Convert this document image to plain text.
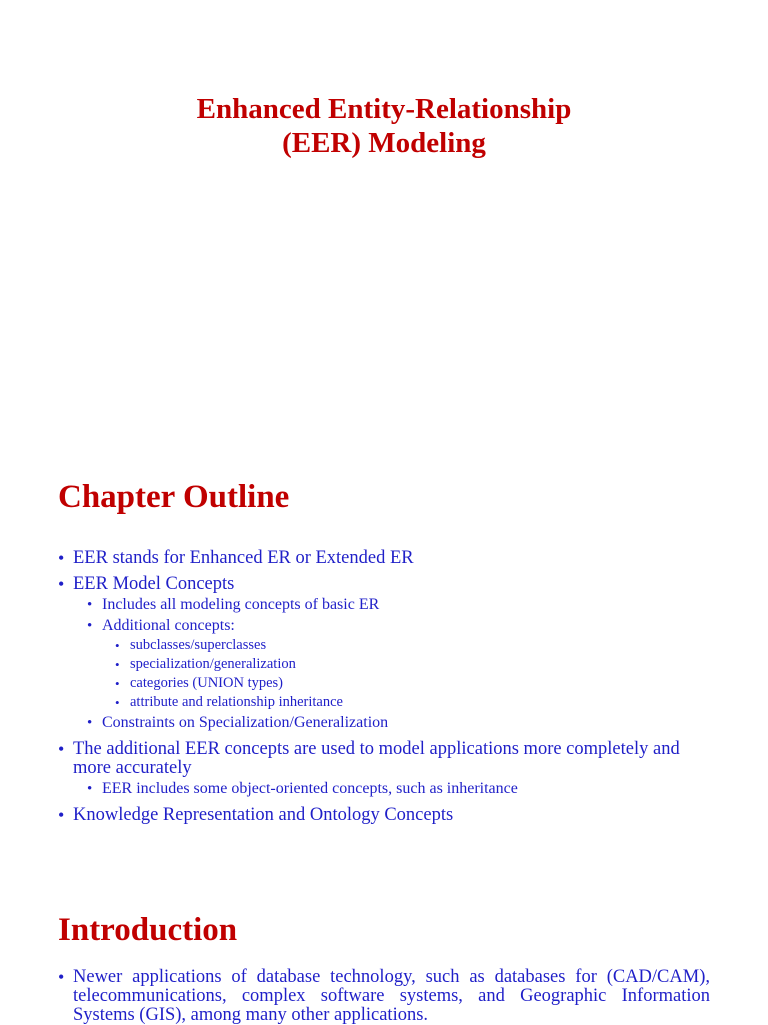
Enhanced Entity-Relationship
(EER) Modeling
Chapter Outline
• EER stands for Enhanced ER or Extended ER
• EER Model Concepts
• Includes all modeling concepts of basic ER
• Additional concepts:
• subclasses/superclasses
• specialization/generalization
• categories (UNION types)
• attribute and relationship inheritance
• Constraints on Specialization/Generalization
• The additional EER concepts are used to model applications more completely and more accurately
• EER includes some object-oriented concepts, such as inheritance
• Knowledge Representation and Ontology Concepts
Introduction
• Newer applications of database technology, such as databases for (CAD/CAM), telecommunications, complex software systems, and Geographic Information Systems (GIS), among many other applications.
